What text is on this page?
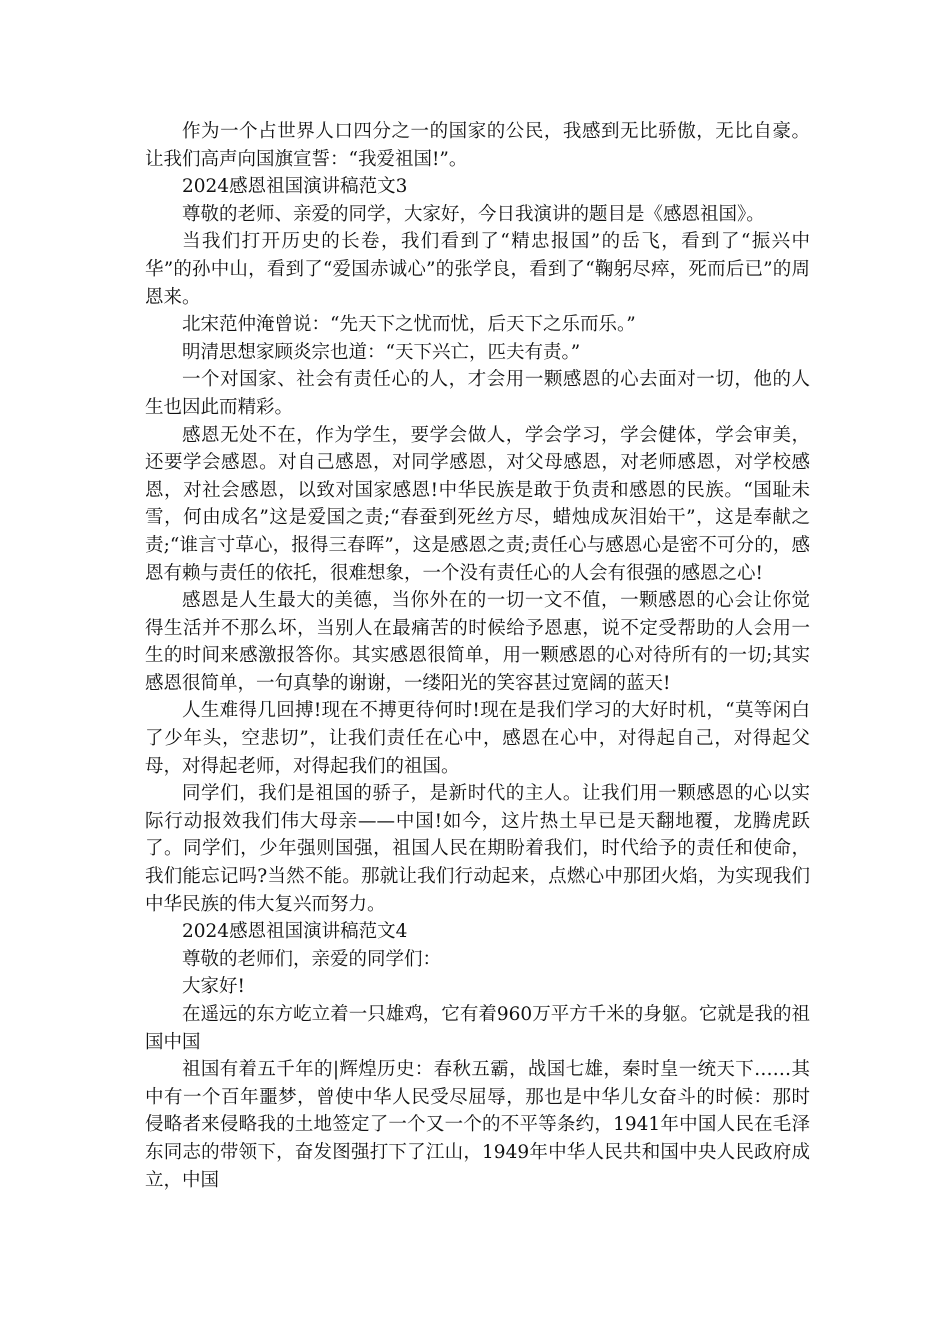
作为一个占世界人口四分之一的国家的公民，我感到无比骄傲，无比自豪。让我们高声向国旗宣誓：“我爱祖国!”。

2024感恩祖国演讲稿范文3

尊敬的老师、亲爱的同学，大家好，今日我演讲的题目是《感恩祖国》。

当我们打开历史的长卷，我们看到了“精忠报国”的岳飞，看到了“振兴中华”的孙中山，看到了“爱国赤诚心”的张学良，看到了“鞠躬尽瘁，死而后已”的周恩来。

北宋范仲淹曾说：“先天下之忧而忧，后天下之乐而乐。”

明清思想家顾炎宗也道：“天下兴亡，匹夫有责。”

一个对国家、社会有责任心的人，才会用一颗感恩的心去面对一切，他的人生也因此而精彩。

感恩无处不在，作为学生，要学会做人，学会学习，学会健体，学会审美，还要学会感恩。对自己感恩，对同学感恩，对父母感恩，对老师感恩，对学校感恩，对社会感恩，以致对国家感恩!中华民族是敢于负责和感恩的民族。“国耻未雪，何由成名”这是爱国之责;“春蚕到死丝方尽，蜡烛成灰泪始干”，这是奉献之责;“谁言寸草心，报得三春晖”，这是感恩之责;责任心与感恩心是密不可分的，感恩有赖与责任的依托，很难想象，一个没有责任心的人会有很强的感恩之心!

感恩是人生最大的美德，当你外在的一切一文不值，一颗感恩的心会让你觉得生活并不那么坏，当别人在最痛苦的时候给予恩惠，说不定受帮助的人会用一生的时间来感激报答你。其实感恩很简单，用一颗感恩的心对待所有的一切;其实感恩很简单，一句真挚的谢谢，一缕阳光的笑容甚过宽阔的蓝天!

人生难得几回搏!现在不搏更待何时!现在是我们学习的大好时机，“莫等闲白了少年头，空悲切”，让我们责任在心中，感恩在心中，对得起自己，对得起父母，对得起老师，对得起我们的祖国。

同学们，我们是祖国的骄子，是新时代的主人。让我们用一颗感恩的心以实际行动报效我们伟大母亲——中国!如今，这片热土早已是天翻地覆，龙腾虎跃了。同学们，少年强则国强，祖国人民在期盼着我们，时代给予的责任和使命，我们能忘记吗?当然不能。那就让我们行动起来，点燃心中那团火焰，为实现我们中华民族的伟大复兴而努力。

2024感恩祖国演讲稿范文4

尊敬的老师们，亲爱的同学们：

大家好!

在遥远的东方屹立着一只雄鸡，它有着960万平方千米的身躯。它就是我的祖国中国

祖国有着五千年的|辉煌历史：春秋五霸，战国七雄，秦时皇一统天下……其中有一个百年噩梦，曾使中华人民受尽屈辱，那也是中华儿女奋斗的时候：那时侵略者来侵略我的土地签定了一个又一个的不平等条约，1941年中国人民在毛泽东同志的带领下，奋发图强打下了江山，1949年中华人民共和国中央人民政府成立，中国
